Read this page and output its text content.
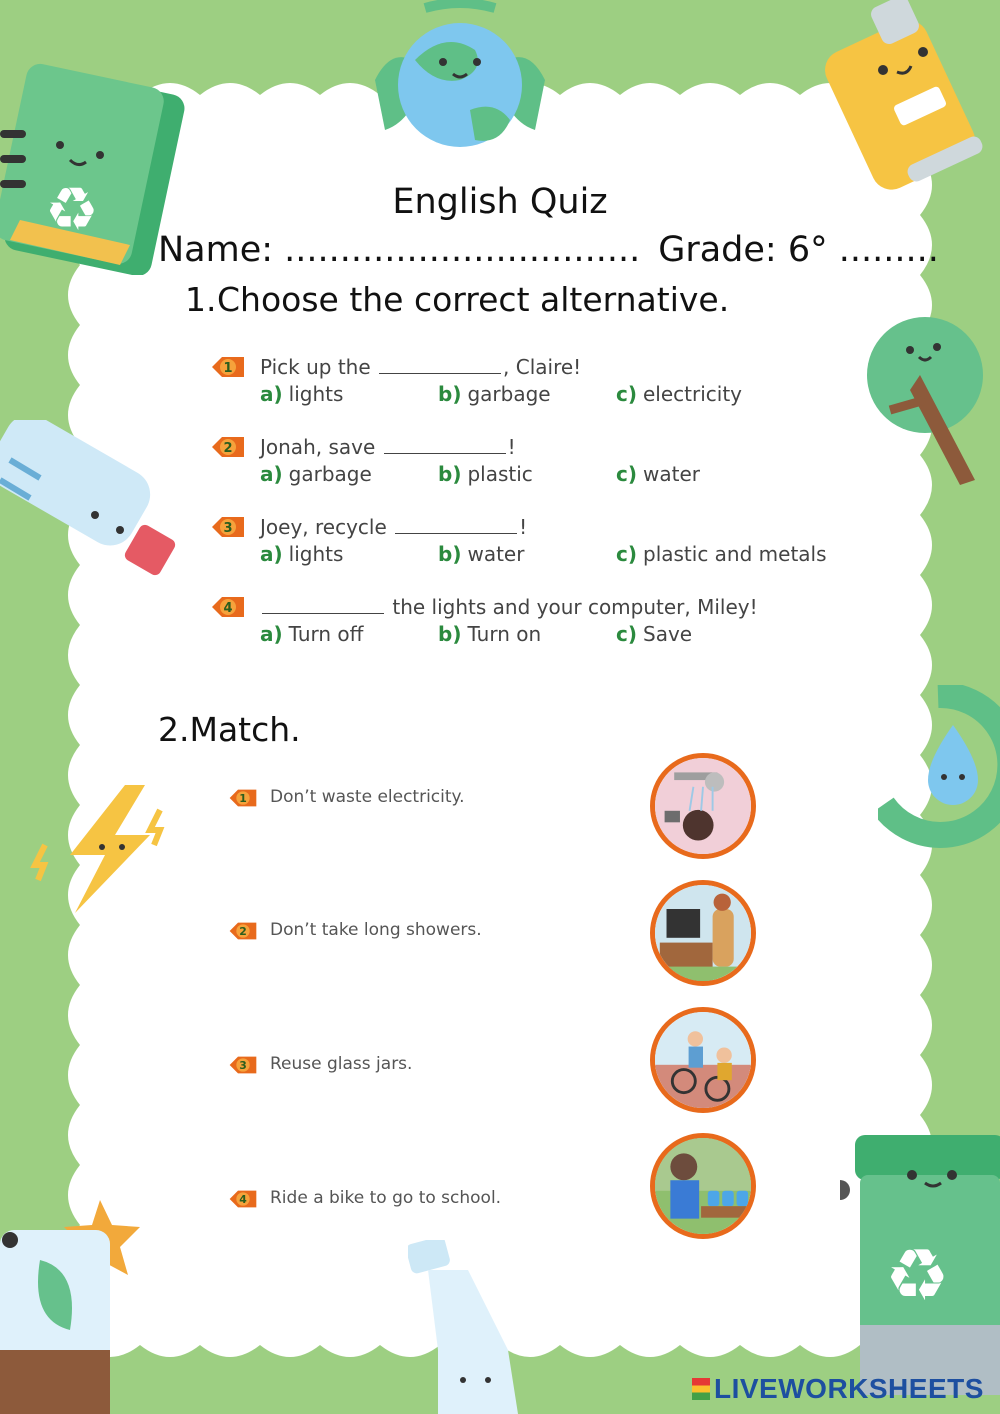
♻
♻
English Quiz
Name: ................................ Grade: 6° .........
1.Choose the correct alternative.
1 Pick up the	, Claire!
a) lights	b) garbage	c) electricity
2 Jonah, save	!
a) garbage	b) plastic	c) water
3 Joey, recycle	!
a) lights	b) water	c) plastic and metals
4	the lights and your computer, Miley!
a) Turn off	b) Turn on	c) Save
2.Match.
1 Don’t waste electricity.
2 Don’t take long showers.
3 Reuse glass jars.
4 Ride a bike to go to school.
LIVEWORKSHEETS
